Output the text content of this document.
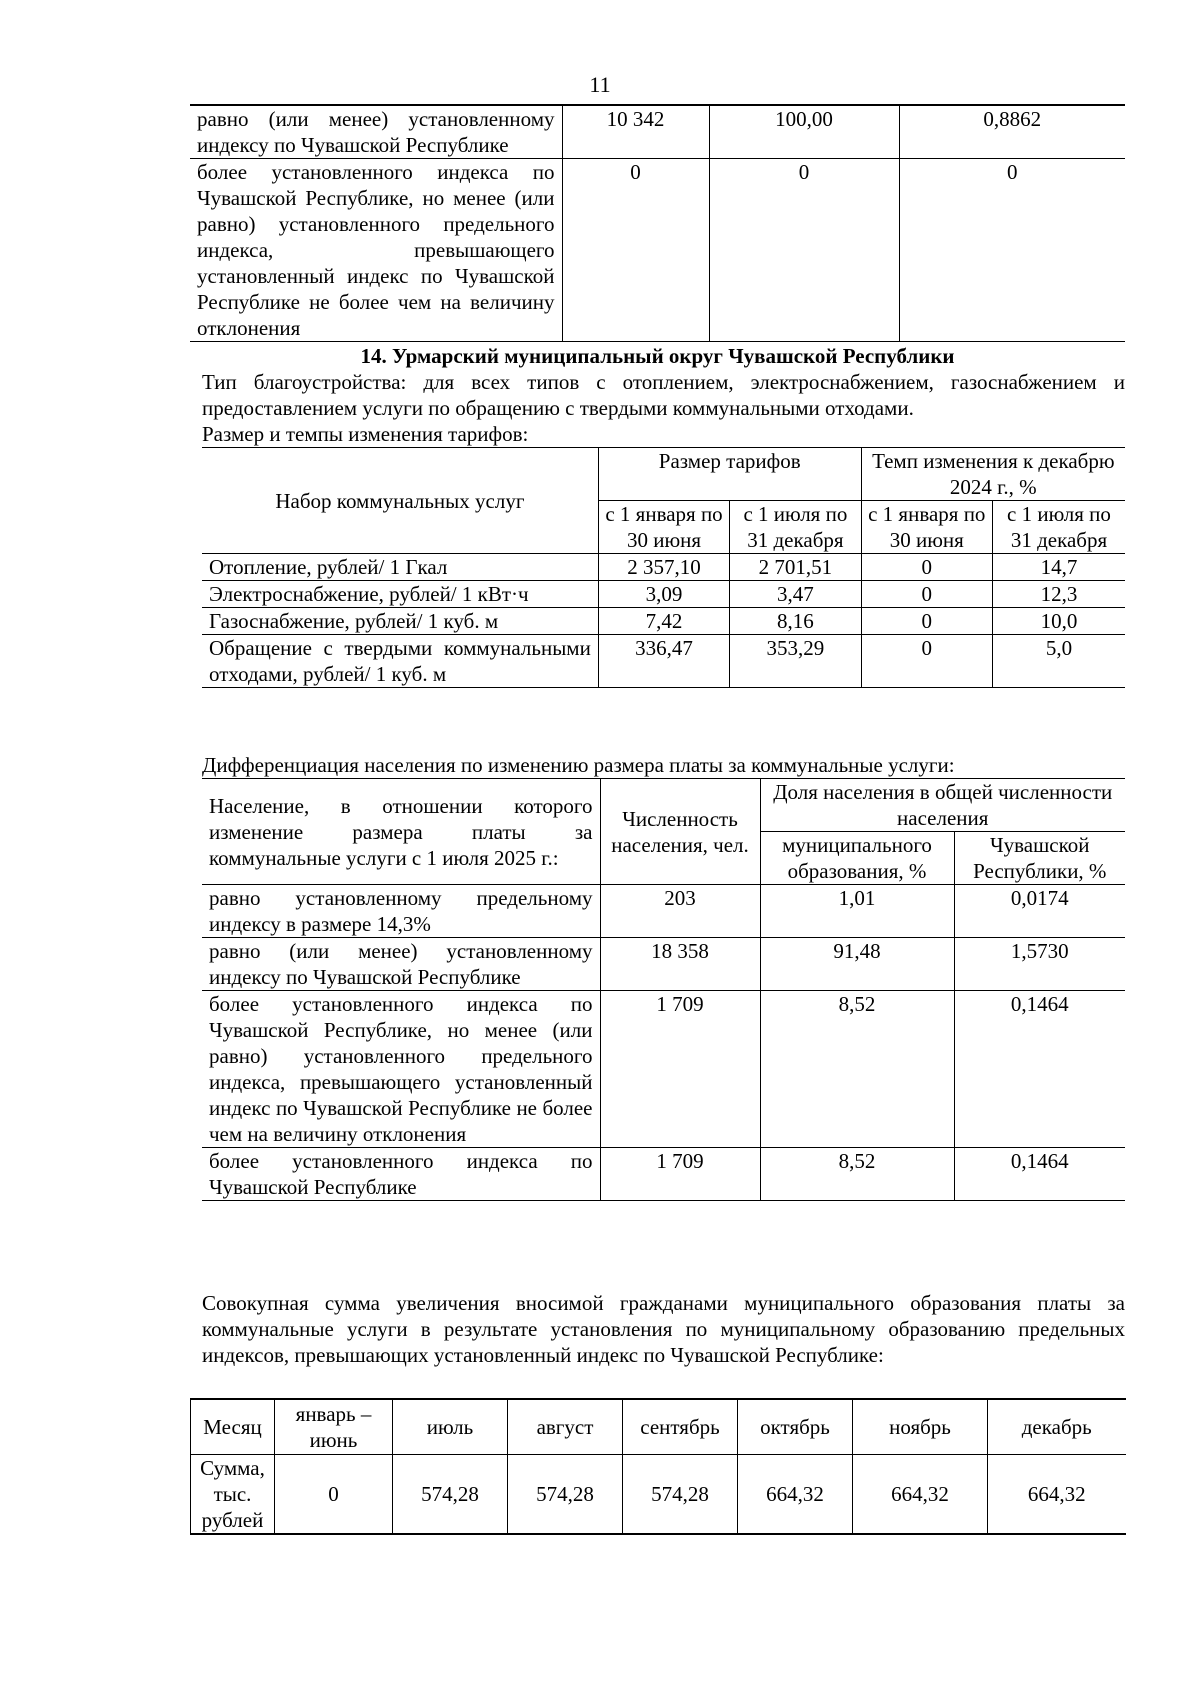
11
равно (или менее) установленному индексу по Чувашской Республике	10 342	100,00	0,8862
более установленного индекса по Чувашской Республике, но менее (или равно) установленного предельного индекса, превышающего установленный индекс по Чувашской Республике не более чем на величину отклонения	0	0	0
14. Урмарский муниципальный округ Чувашской Республики
Тип благоустройства: для всех типов с отоплением, электроснабжением, газоснабжением и предоставлением услуги по обращению с твердыми коммунальными отходами.
Размер и темпы изменения тарифов:
Набор коммунальных услуг	Размер тарифов		Темп изменения к декабрю 2024 г., %	
	с 1 января по 30 июня	с 1 июля по 31 декабря	с 1 января по 30 июня	с 1 июля по 31 декабря
Отопление, рублей/ 1 Гкал	2 357,10	2 701,51	0	14,7
Электроснабжение, рублей/ 1 кВт·ч	3,09	3,47	0	12,3
Газоснабжение, рублей/ 1 куб. м	7,42	8,16	0	10,0
Обращение с твердыми коммунальными отходами, рублей/ 1 куб. м	336,47	353,29	0	5,0
Дифференциация населения по изменению размера платы за коммунальные услуги:
Население, в отношении которого изменение размера платы за коммунальные услуги с 1 июля 2025 г.:	Численность населения, чел.	Доля населения в общей численности населения	
		муниципального образования, %	Чувашской Республики, %
равно установленному предельному индексу в размере 14,3%	203	1,01	0,0174
равно (или менее) установленному индексу по Чувашской Республике	18 358	91,48	1,5730
более установленного индекса по Чувашской Республике, но менее (или равно) установленного предельного индекса, превышающего установленный индекс по Чувашской Республике не более чем на величину отклонения	1 709	8,52	0,1464
более установленного индекса по Чувашской Республике	1 709	8,52	0,1464
Совокупная сумма увеличения вносимой гражданами муниципального образования платы за коммунальные услуги в результате установления по муниципальному образованию предельных индексов, превышающих установленный индекс по Чувашской Республике:
Месяц	январь – июнь	июль	август	сентябрь	октябрь	ноябрь	декабрь
Сумма, тыс. рублей	0	574,28	574,28	574,28	664,32	664,32	664,32
